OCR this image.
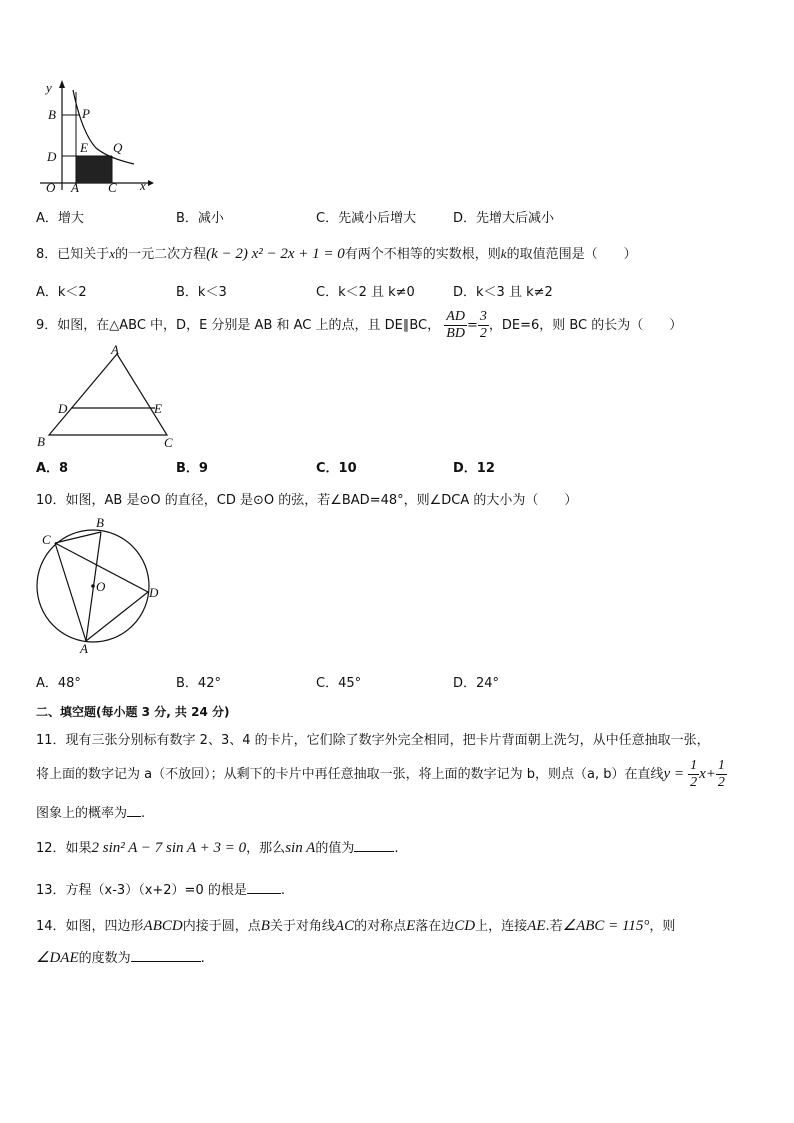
y
B P
D
E Q
O A C x
A．增大	B．减小	C．先减小后增大	D．先增大后减小
8．已知关于x的一元二次方程(k − 2) x² − 2x + 1 = 0有两个不相等的实数根，则k的取值范围是（　　）
A．k＜2	B．k＜3	C．k＜2 且 k≠0	D．k＜3 且 k≠2
9．如图，在△ABC 中，D，E 分别是 AB 和 AC 上的点，且 DE∥BC， $\frac{AD}{BD} = \frac{3}{2}$ ，DE=6，则 BC 的长为（　　）
A
D	E
B	C
A．8	B．9	C．10	D．12
10．如图，AB 是⊙O 的直径，CD 是⊙O 的弦，若∠BAD=48°，则∠DCA 的大小为（　　）
B
C
O	D
A
A．48°	B．42°	C．45°	D．24°
二、填空题(每小题 3 分, 共 24 分)
11．现有三张分别标有数字 2、3、4 的卡片，它们除了数字外完全相同，把卡片背面朝上洗匀，从中任意抽取一张，
将上面的数字记为 a（不放回）；从剩下的卡片中再任意抽取一张，将上面的数字记为 b，则点（a, b）在直线$y = \frac{1}{2} x+ \frac{1}{2}$
图象上的概率为 .
12．如果2 sin² A − 7 sin A + 3 = 0，那么sin A的值为	.
13．方程（x-3）（x+2）=0 的根是	.
14．如图，四边形ABCD内接于圆，点B关于对角线AC的对称点E落在边CD上，连接AE.若∠ABC = 115°，则
∠DAE的度数为	.
